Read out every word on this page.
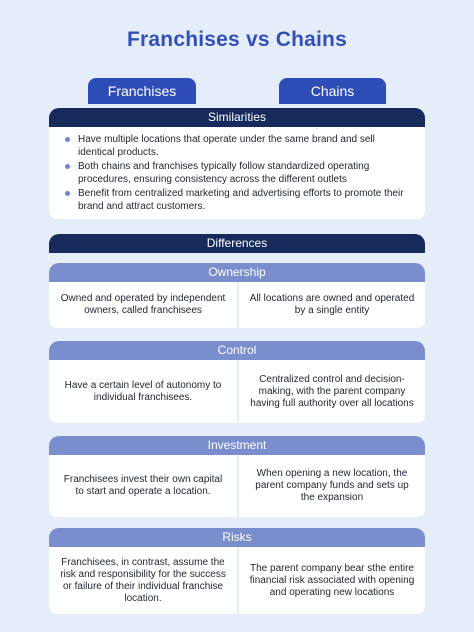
Franchises vs Chains
Franchises	Chains
Similarities
Have multiple locations that operate under the same brand and sell identical products.
Both chains and franchises typically follow standardized operating procedures, ensuring consistency across the different outlets
Benefit from centralized marketing and advertising efforts to promote their brand and attract customers.
Differences
Ownership
Owned and operated by independent owners, called franchisees
All locations are owned and operated by a single entity
Control
Have a certain level of autonomy to individual franchisees.
Centralized control and decision-making, with the parent company having full authority over all locations
Investment
Franchisees invest their own capital to start and operate a location.
When opening a new location, the parent company funds and sets up the expansion
Risks
Franchisees, in contrast, assume the risk and responsibility for the success or failure of their individual franchise location.
The parent company bear sthe entire financial risk associated with opening and operating new locations
